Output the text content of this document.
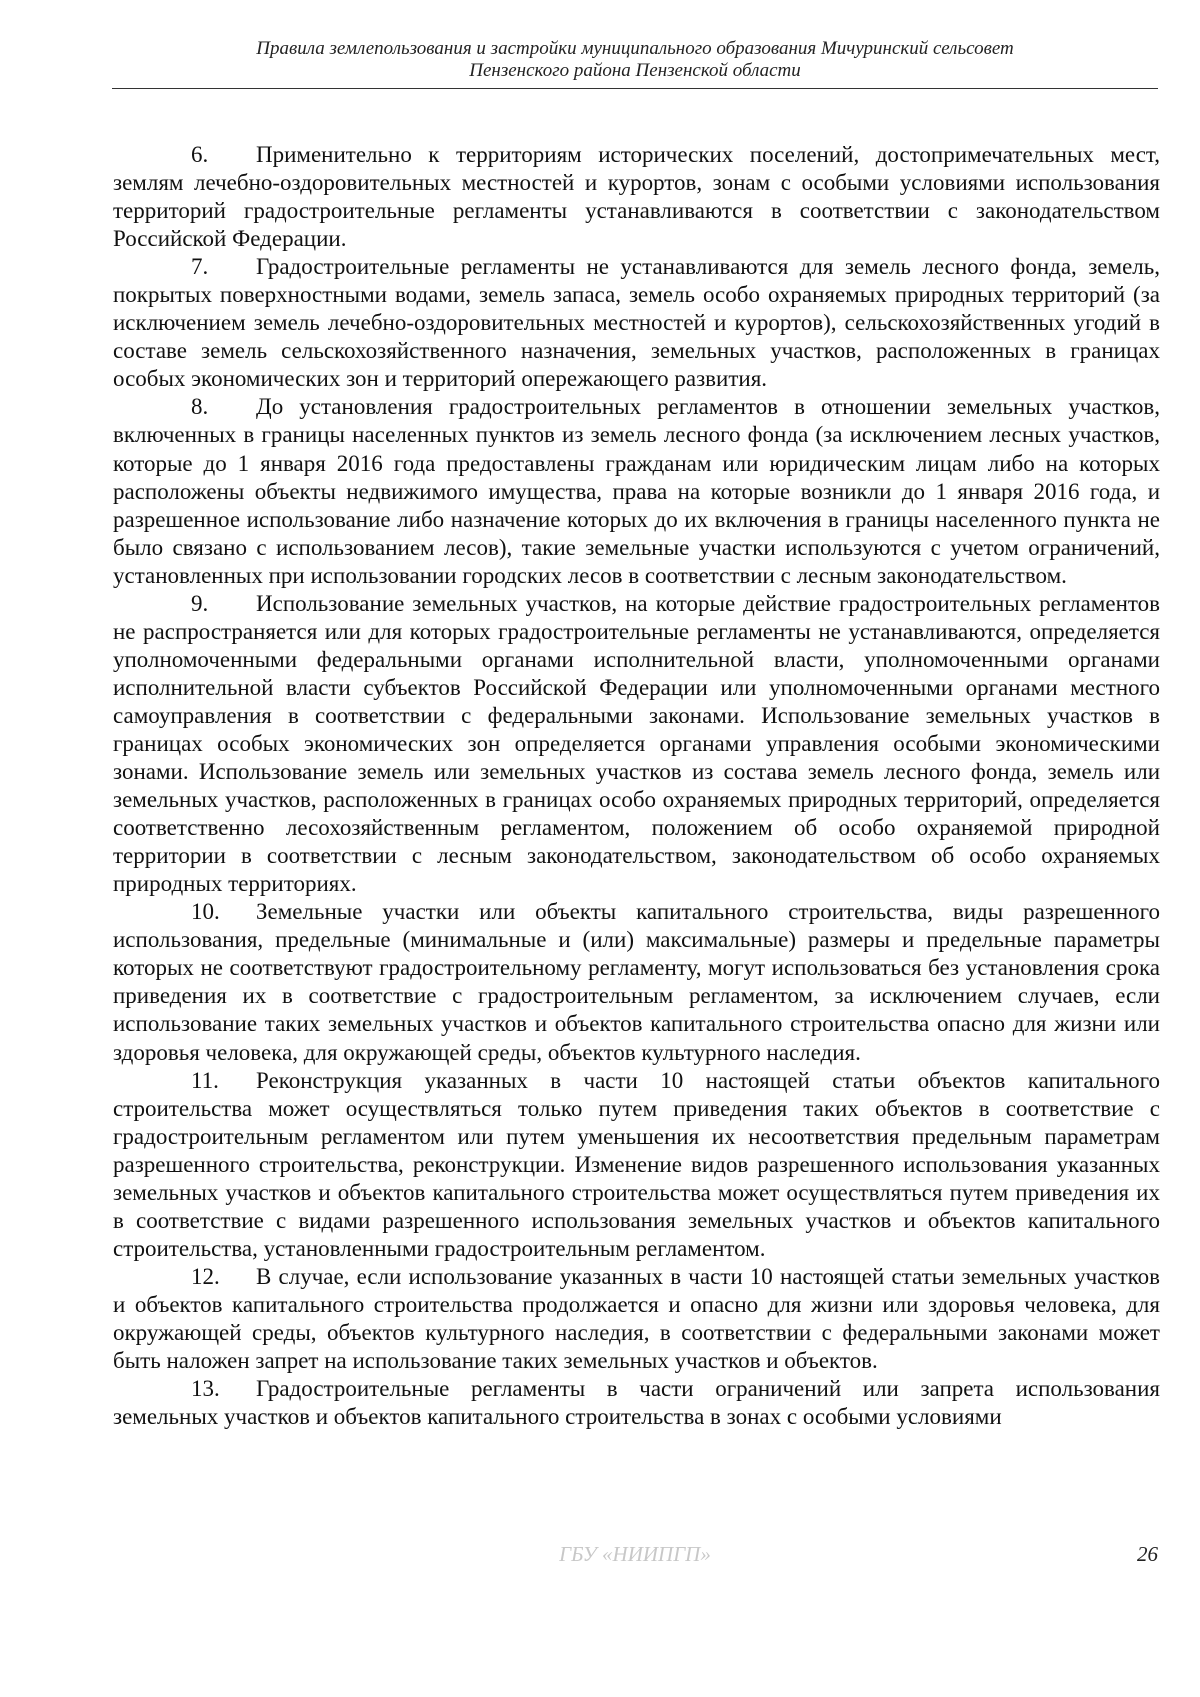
Правила землепользования и застройки муниципального образования Мичуринский сельсовет
Пензенского района Пензенской области

6. Применительно к территориям исторических поселений, достопримечательных мест, землям лечебно-оздоровительных местностей и курортов, зонам с особыми условиями использования территорий градостроительные регламенты устанавливаются в соответствии с законодательством Российской Федерации.

7. Градостроительные регламенты не устанавливаются для земель лесного фонда, земель, покрытых поверхностными водами, земель запаса, земель особо охраняемых природных территорий (за исключением земель лечебно-оздоровительных местностей и курортов), сельскохозяйственных угодий в составе земель сельскохозяйственного назначения, земельных участков, расположенных в границах особых экономических зон и территорий опережающего развития.

8. До установления градостроительных регламентов в отношении земельных участков, включенных в границы населенных пунктов из земель лесного фонда (за исключением лесных участков, которые до 1 января 2016 года предоставлены гражданам или юридическим лицам либо на которых расположены объекты недвижимого имущества, права на которые возникли до 1 января 2016 года, и разрешенное использование либо назначение которых до их включения в границы населенного пункта не было связано с использованием лесов), такие земельные участки используются с учетом ограничений, установленных при использовании городских лесов в соответствии с лесным законодательством.

9. Использование земельных участков, на которые действие градостроительных регламентов не распространяется или для которых градостроительные регламенты не устанавливаются, определяется уполномоченными федеральными органами исполнительной власти, уполномоченными органами исполнительной власти субъектов Российской Федерации или уполномоченными органами местного самоуправления в соответствии с федеральными законами. Использование земельных участков в границах особых экономических зон определяется органами управления особыми экономическими зонами. Использование земель или земельных участков из состава земель лесного фонда, земель или земельных участков, расположенных в границах особо охраняемых природных территорий, определяется соответственно лесохозяйственным регламентом, положением об особо охраняемой природной территории в соответствии с лесным законодательством, законодательством об особо охраняемых природных территориях.

10. Земельные участки или объекты капитального строительства, виды разрешенного использования, предельные (минимальные и (или) максимальные) размеры и предельные параметры которых не соответствуют градостроительному регламенту, могут использоваться без установления срока приведения их в соответствие с градостроительным регламентом, за исключением случаев, если использование таких земельных участков и объектов капитального строительства опасно для жизни или здоровья человека, для окружающей среды, объектов культурного наследия.

11. Реконструкция указанных в части 10 настоящей статьи объектов капитального строительства может осуществляться только путем приведения таких объектов в соответствие с градостроительным регламентом или путем уменьшения их несоответствия предельным параметрам разрешенного строительства, реконструкции. Изменение видов разрешенного использования указанных земельных участков и объектов капитального строительства может осуществляться путем приведения их в соответствие с видами разрешенного использования земельных участков и объектов капитального строительства, установленными градостроительным регламентом.

12. В случае, если использование указанных в части 10 настоящей статьи земельных участков и объектов капитального строительства продолжается и опасно для жизни или здоровья человека, для окружающей среды, объектов культурного наследия, в соответствии с федеральными законами может быть наложен запрет на использование таких земельных участков и объектов.

13. Градостроительные регламенты в части ограничений или запрета использования земельных участков и объектов капитального строительства в зонах с особыми условиями

ГБУ «НИИПГП»	26
